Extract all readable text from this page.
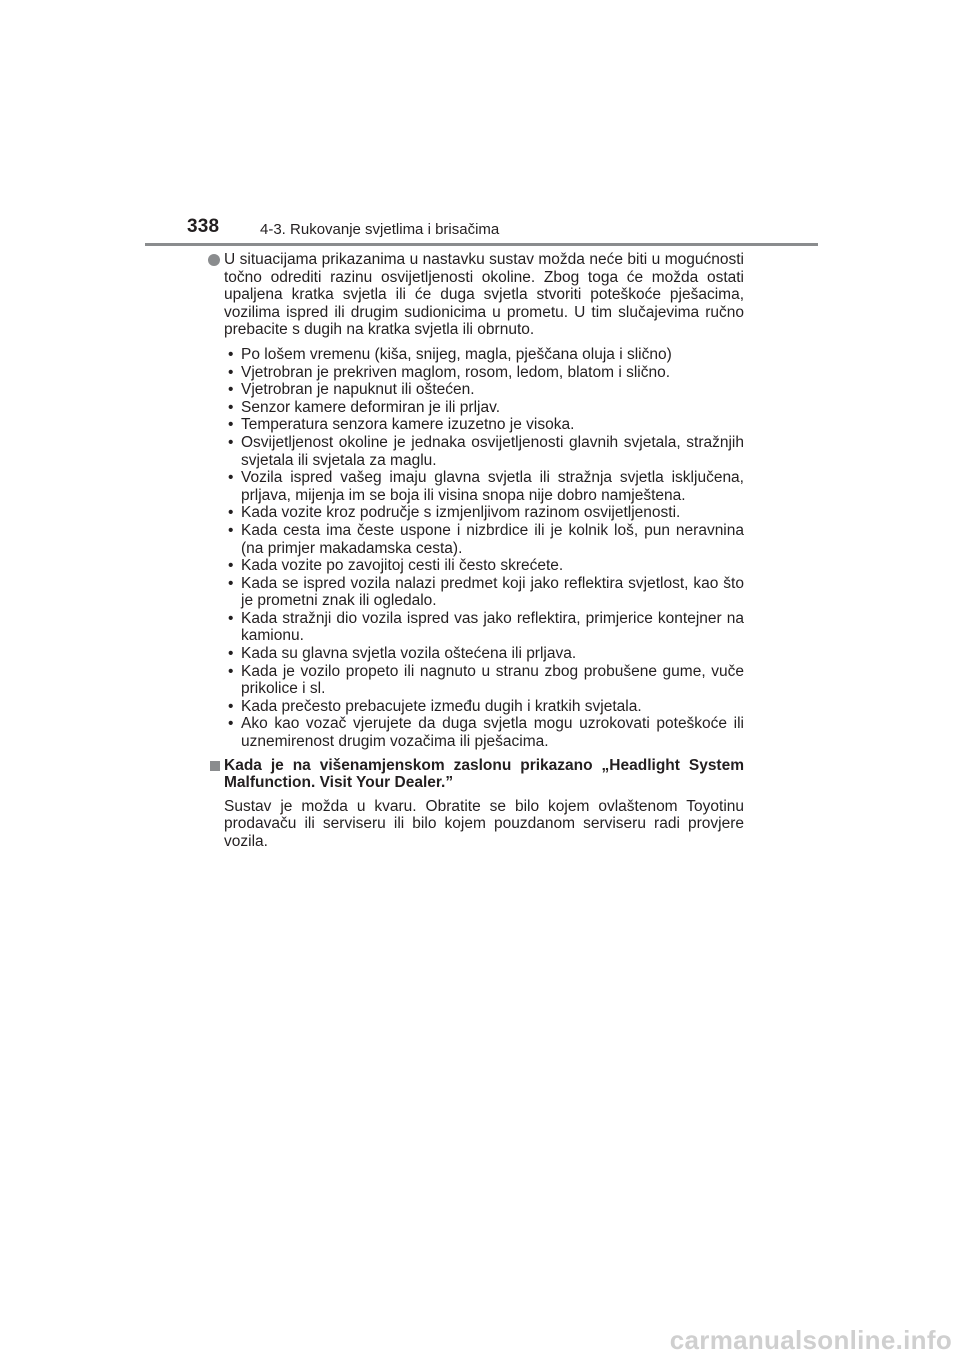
338	4-3. Rukovanje svjetlima i brisačima

U situacijama prikazanima u nastavku sustav možda neće biti u mogućnosti točno odrediti razinu osvijetljenosti okoline. Zbog toga će možda ostati upaljena kratka svjetla ili će duga svjetla stvoriti poteškoće pješacima, vozilima ispred ili drugim sudionicima u prometu. U tim slučajevima ručno prebacite s dugih na kratka svjetla ili obrnuto.

• Po lošem vremenu (kiša, snijeg, magla, pješčana oluja i slično)
• Vjetrobran je prekriven maglom, rosom, ledom, blatom i slično.
• Vjetrobran je napuknut ili oštećen.
• Senzor kamere deformiran je ili prljav.
• Temperatura senzora kamere izuzetno je visoka.
• Osvijetljenost okoline je jednaka osvijetljenosti glavnih svjetala, stražnjih svjetala ili svjetala za maglu.
• Vozila ispred vašeg imaju glavna svjetla ili stražnja svjetla isključena, prljava, mijenja im se boja ili visina snopa nije dobro namještena.
• Kada vozite kroz područje s izmjenljivom razinom osvijetljenosti.
• Kada cesta ima česte uspone i nizbrdice ili je kolnik loš, pun neravnina (na primjer makadamska cesta).
• Kada vozite po zavojitoj cesti ili često skrećete.
• Kada se ispred vozila nalazi predmet koji jako reflektira svjetlost, kao što je prometni znak ili ogledalo.
• Kada stražnji dio vozila ispred vas jako reflektira, primjerice kontejner na kamionu.
• Kada su glavna svjetla vozila oštećena ili prljava.
• Kada je vozilo propeto ili nagnuto u stranu zbog probušene gume, vuče prikolice i sl.
• Kada prečesto prebacujete između dugih i kratkih svjetala.
• Ako kao vozač vjerujete da duga svjetla mogu uzrokovati poteškoće ili uznemirenost drugim vozačima ili pješacima.
Kada je na višenamjenskom zaslonu prikazano „Headlight System Malfunction. Visit Your Dealer.”
Sustav je možda u kvaru. Obratite se bilo kojem ovlaštenom Toyotinu prodavaču ili serviseru ili bilo kojem pouzdanom serviseru radi provjere vozila.
carmanualsonline.info
